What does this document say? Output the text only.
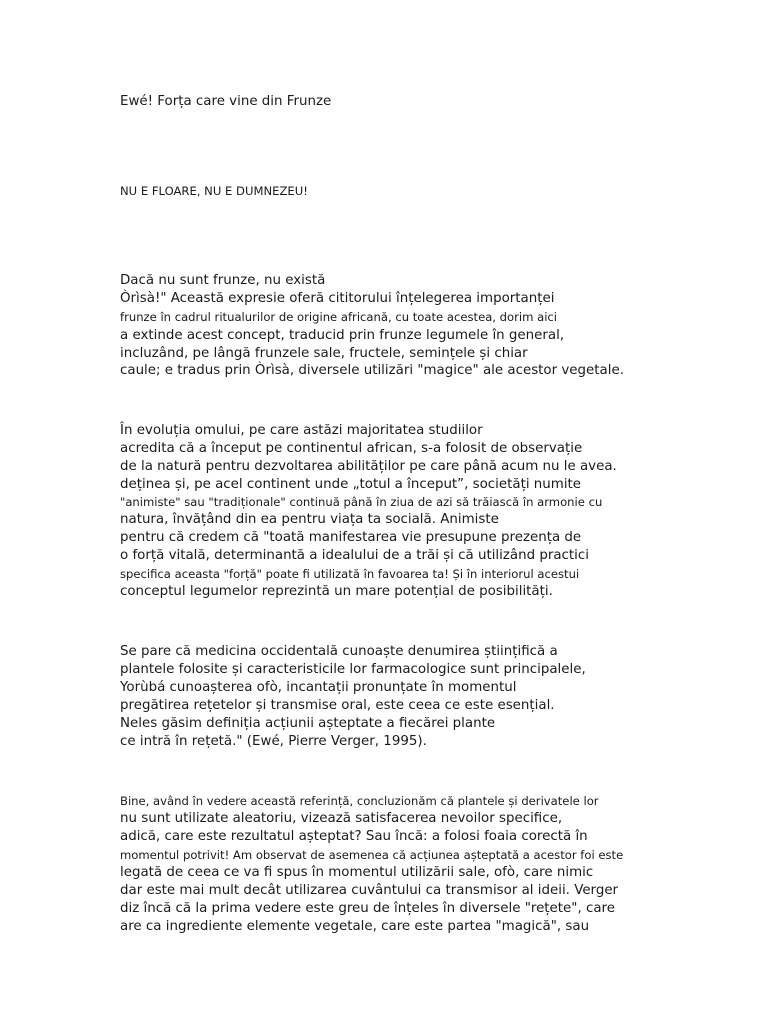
Ewé! Forța care vine din Frunze

NU E FLOARE, NU E DUMNEZEU!

Dacă nu sunt frunze, nu există

Òrìsà!" Această expresie oferă cititorului înțelegerea importanței

frunze în cadrul ritualurilor de origine africană, cu toate acestea, dorim aici

a extinde acest concept, traducid prin frunze legumele în general,

incluzând, pe lângă frunzele sale, fructele, semințele și chiar

caule; e tradus prin Òrìsà, diversele utilizări "magice" ale acestor vegetale.

În evoluția omului, pe care astăzi majoritatea studiilor

acredita că a început pe continentul african, s-a folosit de observație

de la natură pentru dezvoltarea abilităților pe care până acum nu le avea.

deținea și, pe acel continent unde „totul a început”, societăți numite

"animiste" sau "tradiționale" continuă până în ziua de azi să trăiască în armonie cu

natura, învățând din ea pentru viața ta socială. Animiste

pentru că credem că "toată manifestarea vie presupune prezența de

o forță vitală, determinantă a idealului de a trăi și că utilizând practici

specifica aceasta "forță" poate fi utilizată în favoarea ta! Și în interiorul acestui

conceptul legumelor reprezintă un mare potențial de posibilități.

Se pare că medicina occidentală cunoaște denumirea științifică a

plantele folosite și caracteristicile lor farmacologice sunt principalele,

Yorùbá cunoașterea ofò, incantații pronunțate în momentul

pregătirea rețetelor și transmise oral, este ceea ce este esențial.

Neles găsim definiția acțiunii așteptate a fiecărei plante

ce intră în rețetă." (Ewé, Pierre Verger, 1995).

Bine, având în vedere această referință, concluzionăm că plantele și derivatele lor

nu sunt utilizate aleatoriu, vizează satisfacerea nevoilor specifice,

adică, care este rezultatul așteptat? Sau încă: a folosi foaia corectă în

momentul potrivit! Am observat de asemenea că acțiunea așteptată a acestor foi este

legată de ceea ce va fi spus în momentul utilizării sale, ofò, care nimic

dar este mai mult decât utilizarea cuvântului ca transmisor al ideii. Verger

diz încă că la prima vedere este greu de înțeles în diversele "rețete", care

are ca ingrediente elemente vegetale, care este partea "magică", sau
